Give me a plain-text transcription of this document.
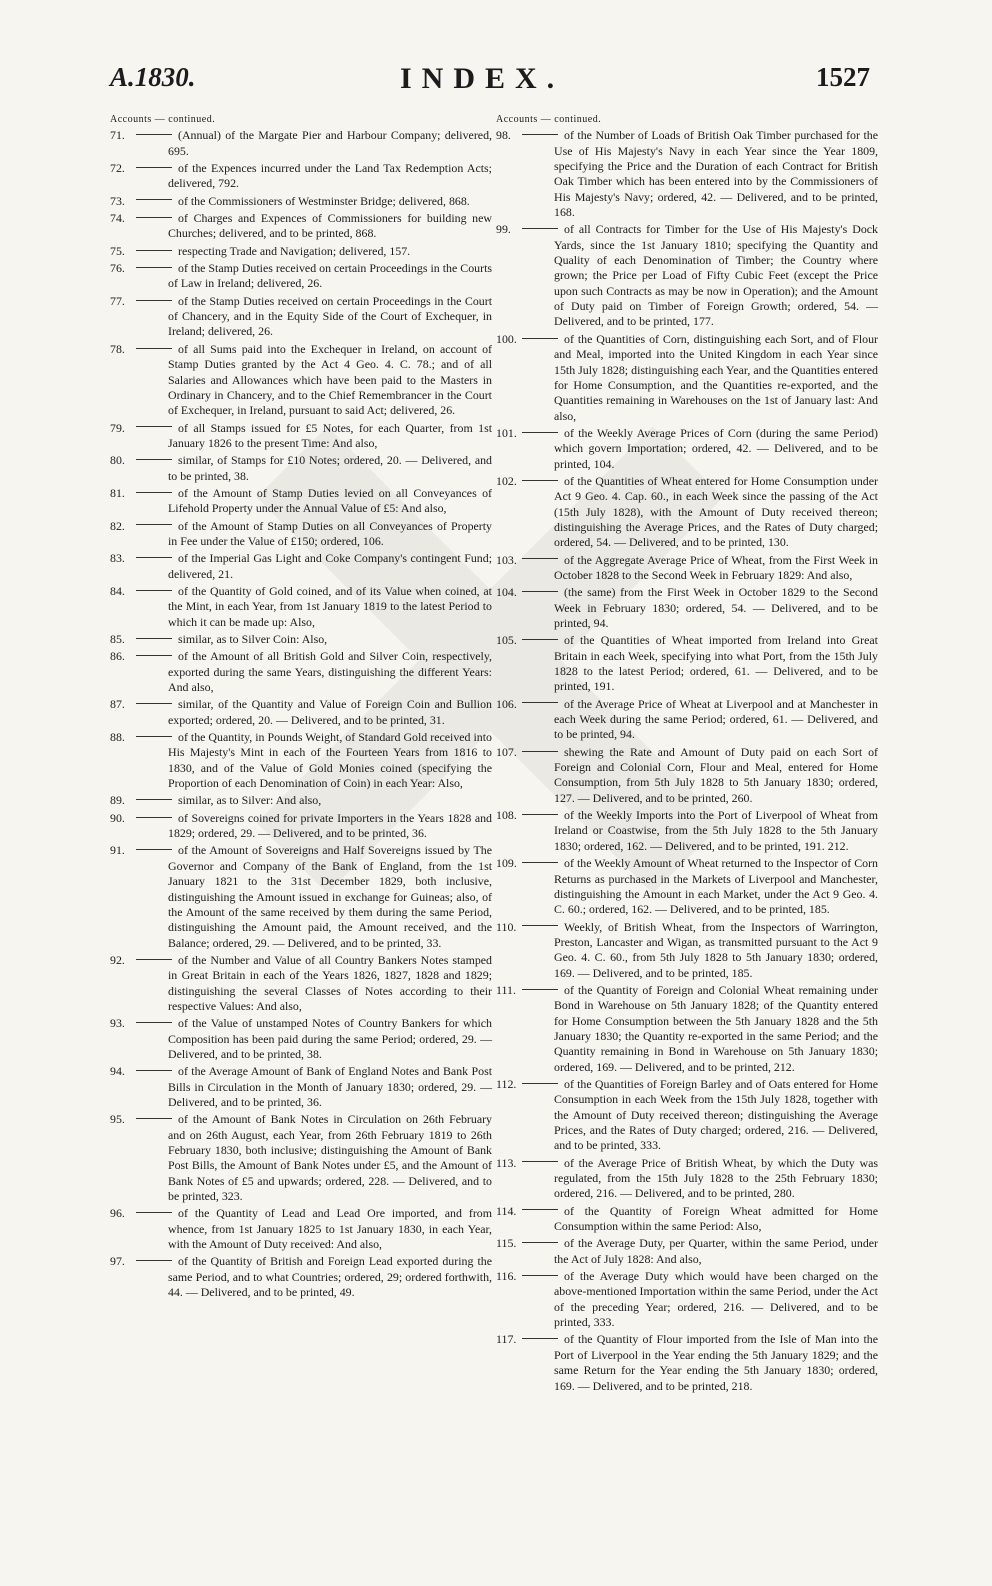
A.1830.	INDEX.	1527
Accounts — continued.
71.	(Annual) of the Margate Pier and Harbour Company; delivered, 695.
72.	of the Expences incurred under the Land Tax Redemption Acts; delivered, 792.
73.	of the Commissioners of Westminster Bridge; delivered, 868.
74.	of Charges and Expences of Commissioners for building new Churches; delivered, and to be printed, 868.
75.	respecting Trade and Navigation; delivered, 157.
76.	of the Stamp Duties received on certain Proceedings in the Courts of Law in Ireland; delivered, 26.
77.	of the Stamp Duties received on certain Proceedings in the Court of Chancery, and in the Equity Side of the Court of Exchequer, in Ireland; delivered, 26.
78.	of all Sums paid into the Exchequer in Ireland, on account of Stamp Duties granted by the Act 4 Geo. 4. C. 78.; and of all Salaries and Allowances which have been paid to the Masters in Ordinary in Chancery, and to the Chief Remembrancer in the Court of Exchequer, in Ireland, pursuant to said Act; delivered, 26.
79.	of all Stamps issued for £5 Notes, for each Quarter, from 1st January 1826 to the present Time: And also,
80.	similar, of Stamps for £10 Notes; ordered, 20. — Delivered, and to be printed, 38.
81.	of the Amount of Stamp Duties levied on all Conveyances of Lifehold Property under the Annual Value of £5: And also,
82.	of the Amount of Stamp Duties on all Conveyances of Property in Fee under the Value of £150; ordered, 106.
83.	of the Imperial Gas Light and Coke Company's contingent Fund; delivered, 21.
84.	of the Quantity of Gold coined, and of its Value when coined, at the Mint, in each Year, from 1st January 1819 to the latest Period to which it can be made up: Also,
85.	similar, as to Silver Coin: Also,
86.	of the Amount of all British Gold and Silver Coin, respectively, exported during the same Years, distinguishing the different Years: And also,
87.	similar, of the Quantity and Value of Foreign Coin and Bullion exported; ordered, 20. — Delivered, and to be printed, 31.
88.	of the Quantity, in Pounds Weight, of Standard Gold received into His Majesty's Mint in each of the Fourteen Years from 1816 to 1830, and of the Value of Gold Monies coined (specifying the Proportion of each Denomination of Coin) in each Year: Also,
89.	similar, as to Silver: And also,
90.	of Sovereigns coined for private Importers in the Years 1828 and 1829; ordered, 29. — Delivered, and to be printed, 36.
91.	of the Amount of Sovereigns and Half Sovereigns issued by The Governor and Company of the Bank of England, from the 1st January 1821 to the 31st December 1829, both inclusive, distinguishing the Amount issued in exchange for Guineas; also, of the Amount of the same received by them during the same Period, distinguishing the Amount paid, the Amount received, and the Balance; ordered, 29. — Delivered, and to be printed, 33.
92.	of the Number and Value of all Country Bankers Notes stamped in Great Britain in each of the Years 1826, 1827, 1828 and 1829; distinguishing the several Classes of Notes according to their respective Values: And also,
93.	of the Value of unstamped Notes of Country Bankers for which Composition has been paid during the same Period; ordered, 29. — Delivered, and to be printed, 38.
94.	of the Average Amount of Bank of England Notes and Bank Post Bills in Circulation in the Month of January 1830; ordered, 29. — Delivered, and to be printed, 36.
95.	of the Amount of Bank Notes in Circulation on 26th February and on 26th August, each Year, from 26th February 1819 to 26th February 1830, both inclusive; distinguishing the Amount of Bank Post Bills, the Amount of Bank Notes under £5, and the Amount of Bank Notes of £5 and upwards; ordered, 228. — Delivered, and to be printed, 323.
96.	of the Quantity of Lead and Lead Ore imported, and from whence, from 1st January 1825 to 1st January 1830, in each Year, with the Amount of Duty received: And also,
97.	of the Quantity of British and Foreign Lead exported during the same Period, and to what Countries; ordered, 29; ordered forthwith, 44. — Delivered, and to be printed, 49.
Accounts — continued.
98.	of the Number of Loads of British Oak Timber purchased for the Use of His Majesty's Navy in each Year since the Year 1809, specifying the Price and the Duration of each Contract for British Oak Timber which has been entered into by the Commissioners of His Majesty's Navy; ordered, 42. — Delivered, and to be printed, 168.
99.	of all Contracts for Timber for the Use of His Majesty's Dock Yards, since the 1st January 1810; specifying the Quantity and Quality of each Denomination of Timber; the Country where grown; the Price per Load of Fifty Cubic Feet (except the Price upon such Contracts as may be now in Operation); and the Amount of Duty paid on Timber of Foreign Growth; ordered, 54. — Delivered, and to be printed, 177.
100.	of the Quantities of Corn, distinguishing each Sort, and of Flour and Meal, imported into the United Kingdom in each Year since 15th July 1828; distinguishing each Year, and the Quantities entered for Home Consumption, and the Quantities re-exported, and the Quantities remaining in Warehouses on the 1st of January last: And also,
101.	of the Weekly Average Prices of Corn (during the same Period) which govern Importation; ordered, 42. — Delivered, and to be printed, 104.
102.	of the Quantities of Wheat entered for Home Consumption under Act 9 Geo. 4. Cap. 60., in each Week since the passing of the Act (15th July 1828), with the Amount of Duty received thereon; distinguishing the Average Prices, and the Rates of Duty charged; ordered, 54. — Delivered, and to be printed, 130.
103.	of the Aggregate Average Price of Wheat, from the First Week in October 1828 to the Second Week in February 1829: And also,
104.	(the same) from the First Week in October 1829 to the Second Week in February 1830; ordered, 54. — Delivered, and to be printed, 94.
105.	of the Quantities of Wheat imported from Ireland into Great Britain in each Week, specifying into what Port, from the 15th July 1828 to the latest Period; ordered, 61. — Delivered, and to be printed, 191.
106.	of the Average Price of Wheat at Liverpool and at Manchester in each Week during the same Period; ordered, 61. — Delivered, and to be printed, 94.
107.	shewing the Rate and Amount of Duty paid on each Sort of Foreign and Colonial Corn, Flour and Meal, entered for Home Consumption, from 5th July 1828 to 5th January 1830; ordered, 127. — Delivered, and to be printed, 260.
108.	of the Weekly Imports into the Port of Liverpool of Wheat from Ireland or Coastwise, from the 5th July 1828 to the 5th January 1830; ordered, 162. — Delivered, and to be printed, 191. 212.
109.	of the Weekly Amount of Wheat returned to the Inspector of Corn Returns as purchased in the Markets of Liverpool and Manchester, distinguishing the Amount in each Market, under the Act 9 Geo. 4. C. 60.; ordered, 162. — Delivered, and to be printed, 185.
110.	Weekly, of British Wheat, from the Inspectors of Warrington, Preston, Lancaster and Wigan, as transmitted pursuant to the Act 9 Geo. 4. C. 60., from 5th July 1828 to 5th January 1830; ordered, 169. — Delivered, and to be printed, 185.
111.	of the Quantity of Foreign and Colonial Wheat remaining under Bond in Warehouse on 5th January 1828; of the Quantity entered for Home Consumption between the 5th January 1828 and the 5th January 1830; the Quantity re-exported in the same Period; and the Quantity remaining in Bond in Warehouse on 5th January 1830; ordered, 169. — Delivered, and to be printed, 212.
112.	of the Quantities of Foreign Barley and of Oats entered for Home Consumption in each Week from the 15th July 1828, together with the Amount of Duty received thereon; distinguishing the Average Prices, and the Rates of Duty charged; ordered, 216. — Delivered, and to be printed, 333.
113.	of the Average Price of British Wheat, by which the Duty was regulated, from the 15th July 1828 to the 25th February 1830; ordered, 216. — Delivered, and to be printed, 280.
114.	of the Quantity of Foreign Wheat admitted for Home Consumption within the same Period: Also,
115.	of the Average Duty, per Quarter, within the same Period, under the Act of July 1828: And also,
116.	of the Average Duty which would have been charged on the above-mentioned Importation within the same Period, under the Act of the preceding Year; ordered, 216. — Delivered, and to be printed, 333.
117.	of the Quantity of Flour imported from the Isle of Man into the Port of Liverpool in the Year ending the 5th January 1829; and the same Return for the Year ending the 5th January 1830; ordered, 169. — Delivered, and to be printed, 218.
